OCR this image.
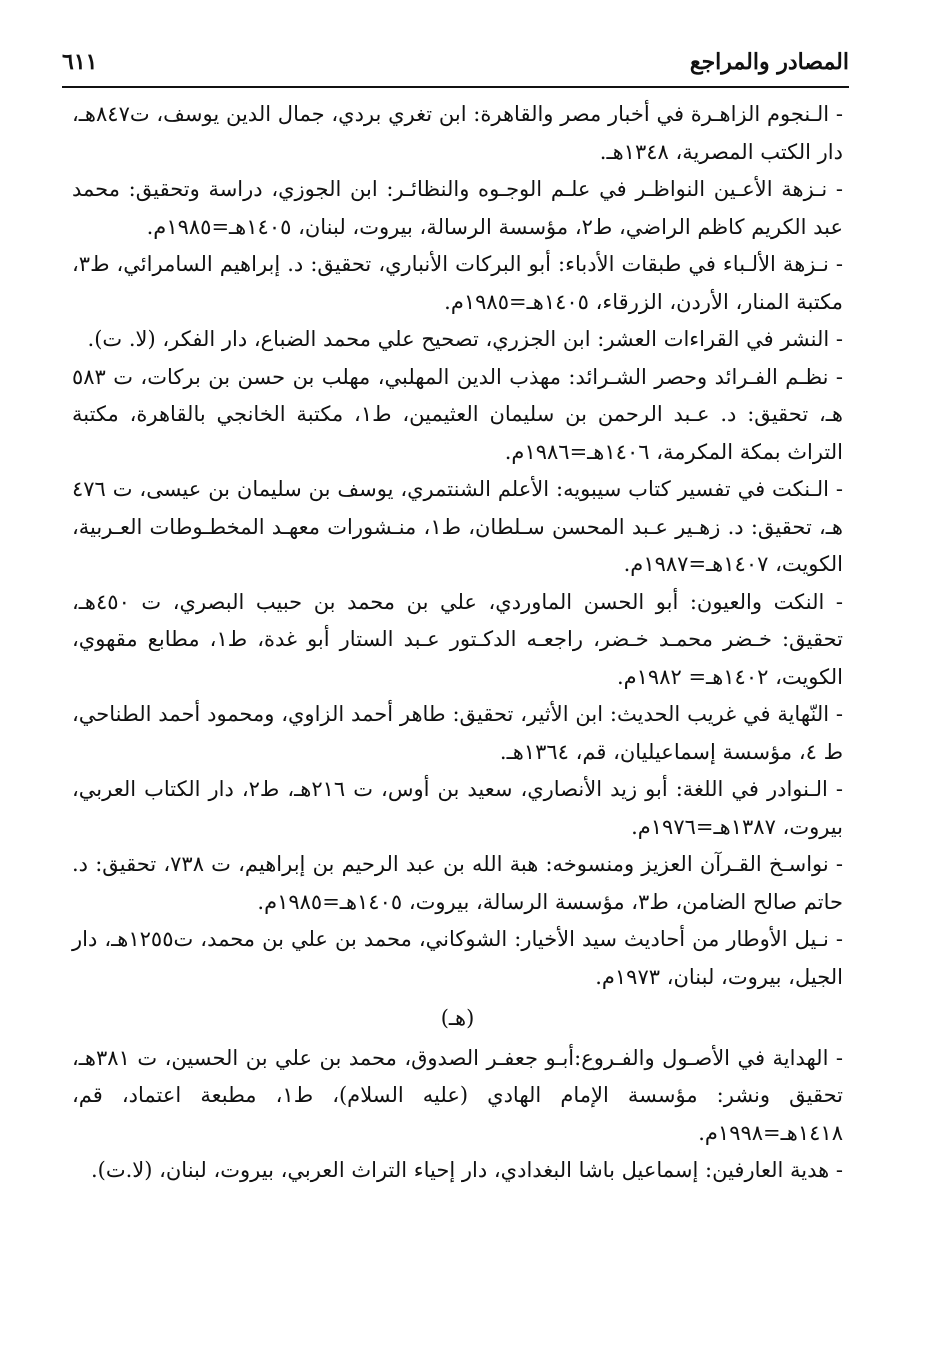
المصادر والمراجع
٦١١

- الـنجوم الزاهـرة في أخبار مصر والقاهرة: ابن تغري بردي، جمال الدين يوسف، ت٨٤٧هـ، دار الكتب المصرية، ١٣٤٨هـ.

- نـزهة الأعـين النواظـر في علـم الوجـوه والنظائـر: ابن الجوزي، دراسة وتحقيق: محمد عبد الكريم كاظم الراضي، ط٢، مؤسسة الرسالة، بيروت، لبنان، ١٤٠٥هـ=١٩٨٥م.

- نـزهة الألـباء في طبقات الأدباء: أبو البركات الأنباري، تحقيق: د. إبراهيم السامرائي، ط٣، مكتبة المنار، الأردن، الزرقاء، ١٤٠٥هـ=١٩٨٥م.

- النشر في القراءات العشر: ابن الجزري، تصحيح علي محمد الضباع، دار الفكر، (لا. ت).

- نظـم الفـرائد وحصر الشـرائد: مهذب الدين المهلبي، مهلب بن حسن بن بركات، ت ٥٨٣ هـ، تحقيق: د. عـبد الرحمن بن سليمان العثيمين، ط١، مكتبة الخانجي بالقاهرة، مكتبة التراث بمكة المكرمة، ١٤٠٦هـ=١٩٨٦م.

- الـنكت في تفسير كتاب سيبويه: الأعلم الشنتمري، يوسف بن سليمان بن عيسى، ت ٤٧٦ هـ، تحقيق: د. زهـير عـبد المحسن سـلطان، ط١، منـشورات معهـد المخطـوطات العـربية، الكويت، ١٤٠٧هـ=١٩٨٧م.

- النكت والعيون: أبو الحسن الماوردي، علي بن محمد بن حبيب البصري، ت ٤٥٠هـ، تحقيق: خـضر محمـد خـضر، راجعـه الدكـتور عـبد الستار أبو غدة، ط١، مطابع مقهوي، الكويت، ١٤٠٢هـ= ١٩٨٢م.

- النّهاية في غريب الحديث: ابن الأثير، تحقيق: طاهر أحمد الزاوي، ومحمود أحمد الطناحي، ط ٤، مؤسسة إسماعيليان، قم، ١٣٦٤هـ.

- الـنوادر في اللغة: أبو زيد الأنصاري، سعيد بن أوس، ت ٢١٦هـ، ط٢، دار الكتاب العربي، بيروت، ١٣٨٧هـ=١٩٧٦م.

- نواسـخ القـرآن العزيز ومنسوخه: هبة الله بن عبد الرحيم بن إبراهيم، ت ٧٣٨، تحقيق: د. حاتم صالح الضامن، ط٣، مؤسسة الرسالة، بيروت، ١٤٠٥هـ=١٩٨٥م.

- نـيل الأوطار من أحاديث سيد الأخيار: الشوكاني، محمد بن علي بن محمد، ت١٢٥٥هـ، دار الجيل، بيروت، لبنان، ١٩٧٣م.

(هـ)

- الهداية في الأصـول والفـروع:أبـو جعفـر الصدوق، محمد بن علي بن الحسين، ت ٣٨١هـ، تحقيق ونشر: مؤسسة الإمام الهادي (عليه السلام)، ط١، مطبعة اعتماد، قم، ١٤١٨هـ=١٩٩٨م.

- هدية العارفين: إسماعيل باشا البغدادي، دار إحياء التراث العربي، بيروت، لبنان، (لا.ت).
